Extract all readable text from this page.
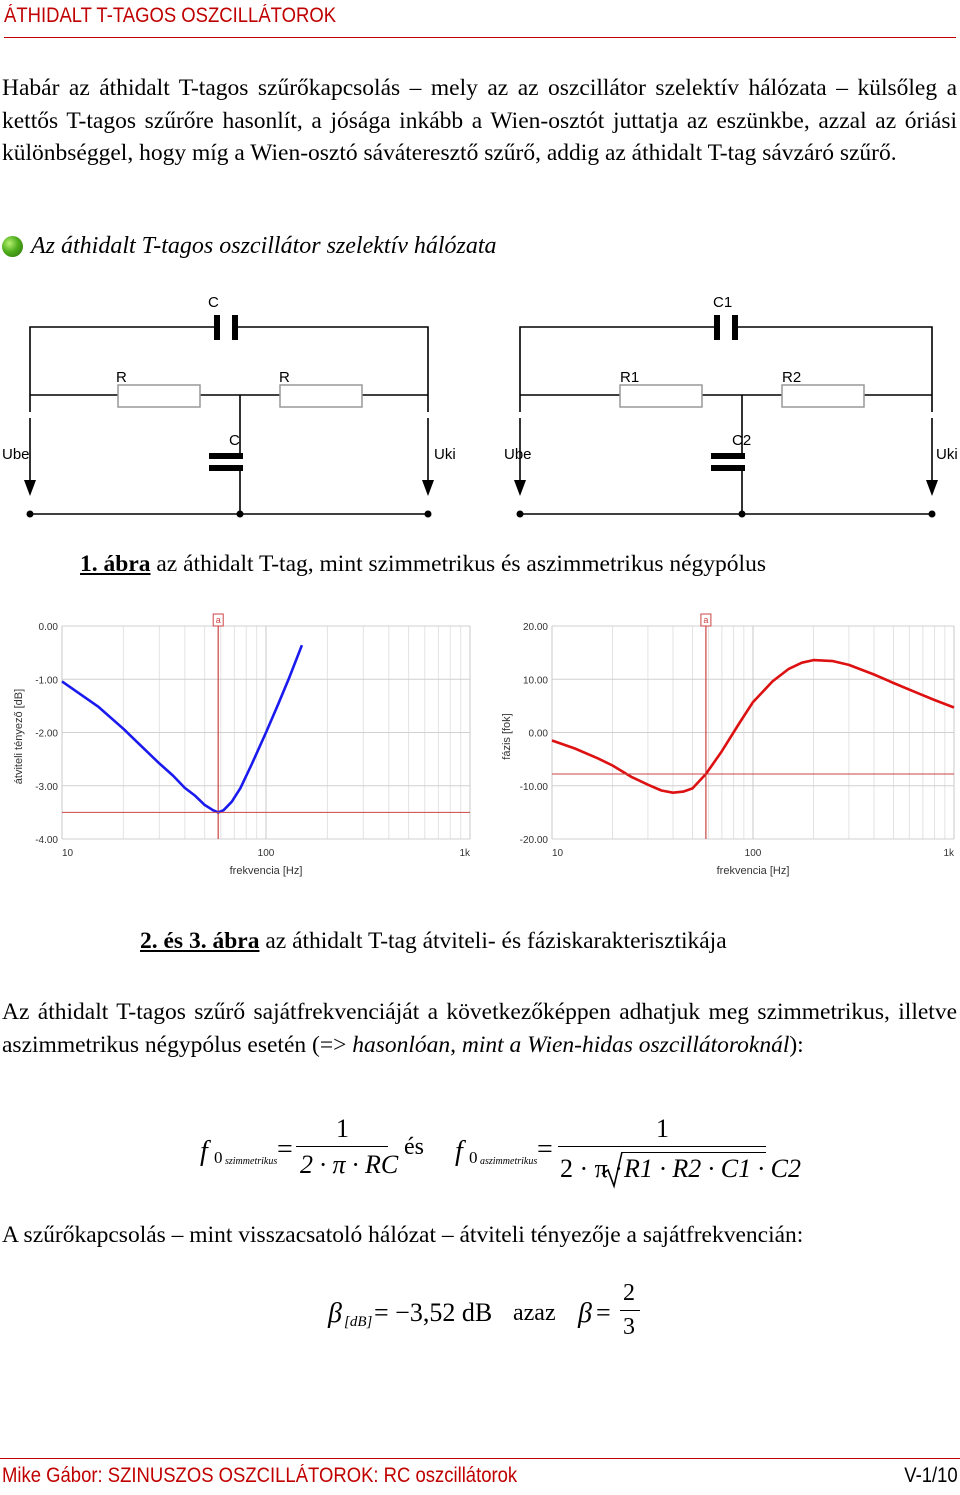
ÁTHIDALT T-TAGOS OSZCILLÁTOROK
Habár az áthidalt T-tagos szűrőkapcsolás – mely az az oszcillátor szelektív hálózata – külsőleg a kettős T-tagos szűrőre hasonlít, a jósága inkább a Wien-osztót juttatja az eszünkbe, azzal az óriási különbséggel, hogy míg a Wien-osztó sáváteresztő szűrő, addig az áthidalt T-tag sávzáró szűrő.
Az áthidalt T-tagos oszcillátor szelektív hálózata
C
R	R
C
Ube	Uki
C1
R1	R2
C2
Ube	Uki
1. ábra az áthidalt T-tag, mint szimmetrikus és aszimmetrikus négypólus
0.00
-1.00
-2.00
-3.00
-4.00
10	100	1k
frekvencia [Hz]
átviteli tényező [dB]
a
20.00
10.00
0.00
-10.00
-20.00
10	100	1k
frekvencia [Hz]
fázis [fok]
a
2. és 3. ábra az áthidalt T-tag átviteli- és fáziskarakterisztikája
Az áthidalt T-tagos szűrő sajátfrekvenciáját a következőképpen adhatjuk meg szimmetrikus, illetve aszimmetrikus négypólus esetén (=> hasonlóan, mint a Wien-hidas oszcillátoroknál):
f 0 szimmetrikus =
1
2 · π · RC
és f 0 aszimmetrikus =
1
2 · π · R1 · R2 · C1 · C2
A szűrőkapcsolás – mint visszacsatoló hálózat – átviteli tényezője a sajátfrekvencián:
β [dB] = −3,52 dB azaz β =
2
3
Mike Gábor: SZINUSZOS OSZCILLÁTOROK: RC oszcillátorok	V-1/10
